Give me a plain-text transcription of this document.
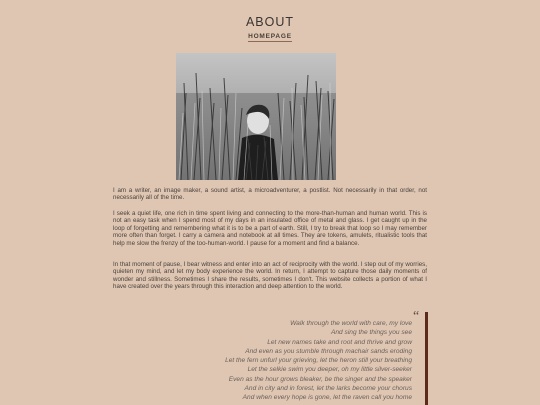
ABOUT
HOMEPAGE
I am a writer, an image maker, a sound artist, a microadventurer, a postlist. Not necessarily in that order, not necessarily all of the time.
I seek a quiet life, one rich in time spent living and connecting to the more-than-human and human world. This is not an easy task when I spend most of my days in an insulated office of metal and glass. I get caught up in the loop of forgetting and remembering what it is to be a part of earth. Still, I try to break that loop so I may remember more often than forget. I carry a camera and notebook at all times. They are tokens, amulets, ritualistic tools that help me slow the frenzy of the too-human-world. I pause for a moment and find a balance.
In that moment of pause, I bear witness and enter into an act of reciprocity with the world. I step out of my worries, quieten my mind, and let my body experience the world. In return, I attempt to capture those daily moments of wonder and stillness. Sometimes I share the results, sometimes I don't. This website collects a portion of what I have created over the years through this interaction and deep attention to the world.
“
Walk through the world with care, my love
And sing the things you see
Let new names take and root and thrive and grow
And even as you stumble through machair sands eroding
Let the fern unfurl your grieving, let the heron still your breathing
Let the selkie swim you deeper, oh my little silver-seeker
Even as the hour grows bleaker, be the singer and the speaker
And in city and in forest, let the larks become your chorus
And when every hope is gone, let the raven call you home
